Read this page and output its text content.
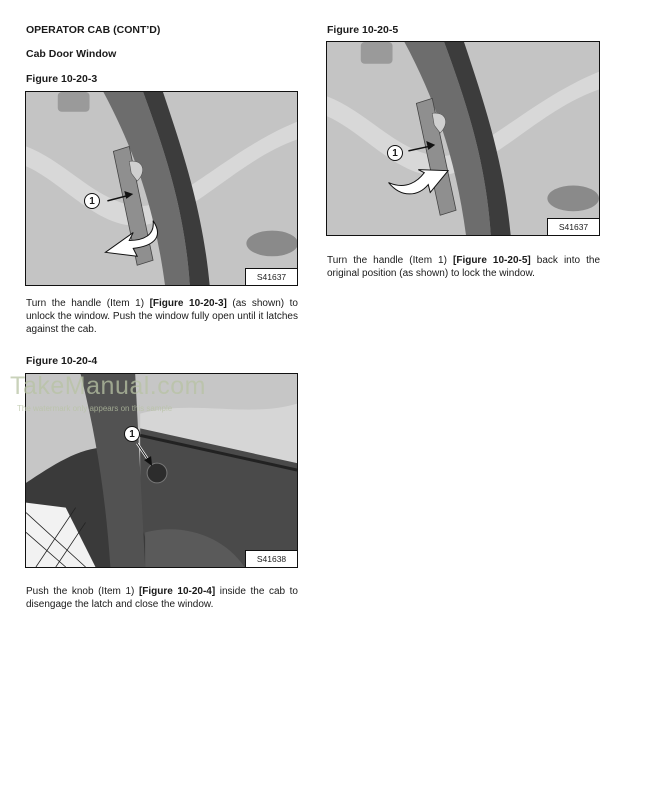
OPERATOR CAB (CONT’D)
Cab Door Window
Figure 10-20-3
1
S41637

Turn the handle (Item 1) [Figure 10-20-3] (as shown) to unlock the window. Push the window fully open until it latches against the cab.

Figure 10-20-4
1
S41638

Push the knob (Item 1) [Figure 10-20-4] inside the cab to disengage the latch and close the window.

Figure 10-20-5
1
S41637

Turn the handle (Item 1) [Figure 10-20-5] back into the original position (as shown) to lock the window.

TakeManual.com
The watermark only appears on this sample
